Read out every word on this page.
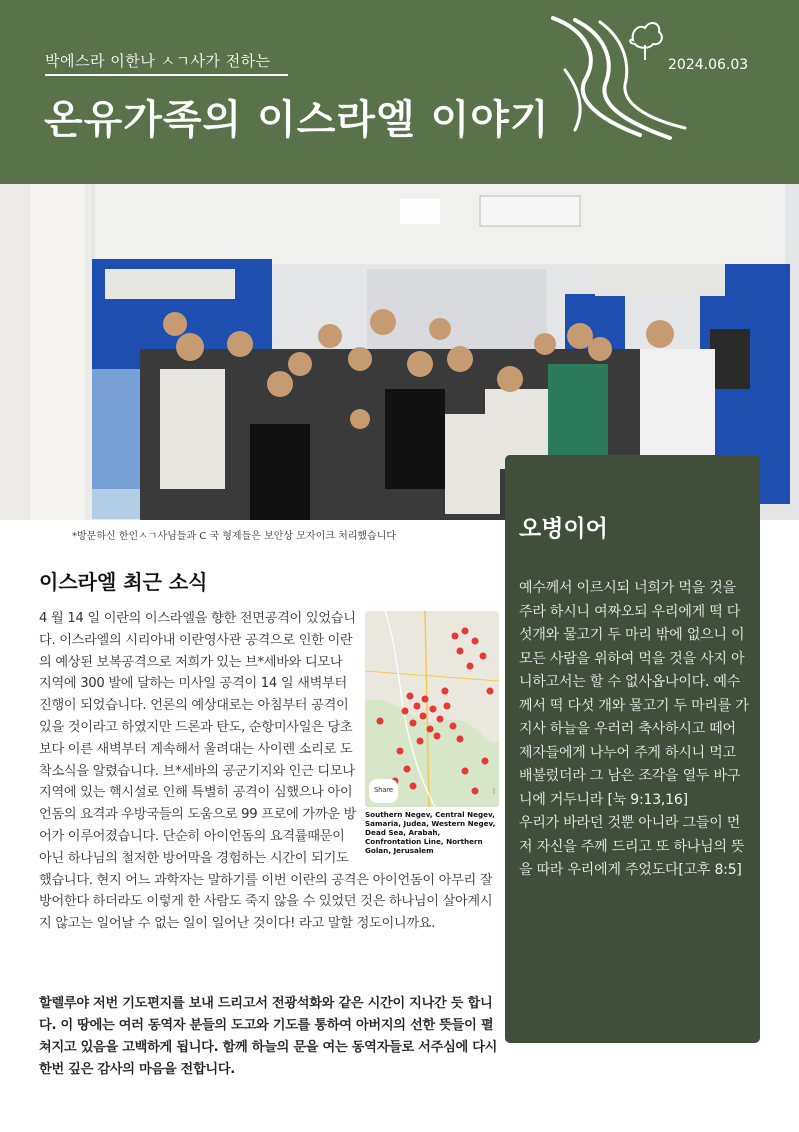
박에스라 이한나 ㅅㄱ사가 전하는
온유가족의 이스라엘 이야기
2024.06.03
*방문하신 한인ㅅㄱ사님들과 C 국 형제들은 보안상 모자이크 처리했습니다	오병이어
예수께서 이르시되 너희가 먹을 것을 주라 하시니 여짜오되 우리에게 떡 다섯개와 물고기 두 마리 밖에 없으니 이 모든 사람을 위하여 먹을 것을 사지 아니하고서는 할 수 없사옵나이다. 예수께서 떡 다섯 개와 물고기 두 마리를 가지사 하늘을 우러러 축사하시고 떼어 제자들에게 나누어 주게 하시니 먹고 배불렀더라 그 남은 조각을 열두 바구니에 거두니라 [눅 9:13,16]
우리가 바라던 것뿐 아니라 그들이 먼저 자신을 주께 드리고 또 하나님의 뜻을 따라 우리에게 주었도다[고후 8:5]
이스라엘 최근 소식
Share	⁝
Southern Negev, Central Negev, Samaria, Judea, Western Negev, Dead Sea, Arabah, Confrontation Line, Northern Golan, Jerusalem
4 월 14 일 이란의 이스라엘을 향한 전면공격이 있었습니다. 이스라엘의 시리아내 이란영사관 공격으로 인한 이란의 예상된 보복공격으로 저희가 있는 브*세바와 디모나 지역에 300 발에 달하는 미사일 공격이 14 일 새벽부터 진행이 되었습니다. 언론의 예상대로는 아침부터 공격이 있을 것이라고 하였지만 드론과 탄도, 순항미사일은 당초보다 이른 새벽부터 계속해서 울려대는 사이렌 소리로 도착소식을 알렸습니다. 브*세바의 공군기지와 인근 디모나 지역에 있는 핵시설로 인해 특별히 공격이 심했으나 아이언돔의 요격과 우방국들의 도움으로 99 프로에 가까운 방어가 이루어졌습니다. 단순히 아이언돔의 요격률때문이 아닌 하나님의 철저한 방어막을 경험하는 시간이 되기도 했습니다. 현지 어느 과학자는 말하기를 이번 이란의 공격은 아이언돔이 아무리 잘 방어한다 하더라도 이렇게 한 사람도 죽지 않을 수 있었던 것은 하나님이 살아계시지 않고는 일어날 수 없는 일이 일어난 것이다! 라고 말할 정도이니까요.
할렐루야 저번 기도편지를 보내 드리고서 전광석화와 같은 시간이 지나간 듯 합니다. 이 땅에는 여러 동역자 분들의 도고와 기도를 통하여 아버지의 선한 뜻들이 펼쳐지고 있음을 고백하게 됩니다. 함께 하늘의 문을 여는 동역자들로 서주심에 다시한번 깊은 감사의 마음을 전합니다.
